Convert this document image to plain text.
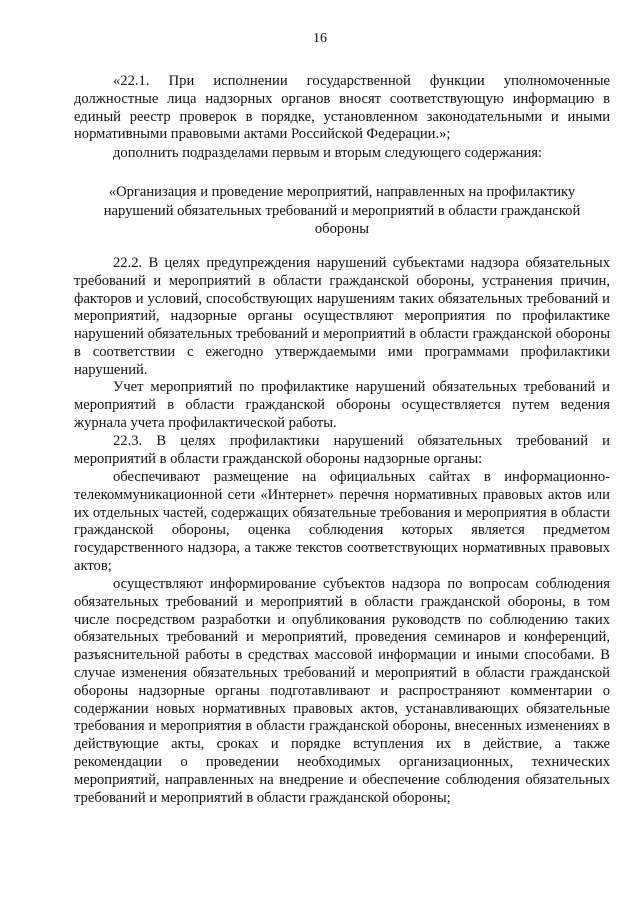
16

«22.1. При исполнении государственной функции уполномоченные должностные лица надзорных органов вносят соответствующую информацию в единый реестр проверок в порядке, установленном законодательными и иными нормативными правовыми актами Российской Федерации.»;

дополнить подразделами первым и вторым следующего содержания:

«Организация и проведение мероприятий, направленных на профилактику нарушений обязательных требований и мероприятий в области гражданской обороны

22.2. В целях предупреждения нарушений субъектами надзора обязательных требований и мероприятий в области гражданской обороны, устранения причин, факторов и условий, способствующих нарушениям таких обязательных требований и мероприятий, надзорные органы осуществляют мероприятия по профилактике нарушений обязательных требований и мероприятий в области гражданской обороны в соответствии с ежегодно утверждаемыми ими программами профилактики нарушений.

Учет мероприятий по профилактике нарушений обязательных требований и мероприятий в области гражданской обороны осуществляется путем ведения журнала учета профилактической работы.

22.3. В целях профилактики нарушений обязательных требований и мероприятий в области гражданской обороны надзорные органы:

обеспечивают размещение на официальных сайтах в информационно-телекоммуникационной сети «Интернет» перечня нормативных правовых актов или их отдельных частей, содержащих обязательные требования и мероприятия в области гражданской обороны, оценка соблюдения которых является предметом государственного надзора, а также текстов соответствующих нормативных правовых актов;

осуществляют информирование субъектов надзора по вопросам соблюдения обязательных требований и мероприятий в области гражданской обороны, в том числе посредством разработки и опубликования руководств по соблюдению таких обязательных требований и мероприятий, проведения семинаров и конференций, разъяснительной работы в средствах массовой информации и иными способами. В случае изменения обязательных требований и мероприятий в области гражданской обороны надзорные органы подготавливают и распространяют комментарии о содержании новых нормативных правовых актов, устанавливающих обязательные требования и мероприятия в области гражданской обороны, внесенных изменениях в действующие акты, сроках и порядке вступления их в действие, а также рекомендации о проведении необходимых организационных, технических мероприятий, направленных на внедрение и обеспечение соблюдения обязательных требований и мероприятий в области гражданской обороны;
